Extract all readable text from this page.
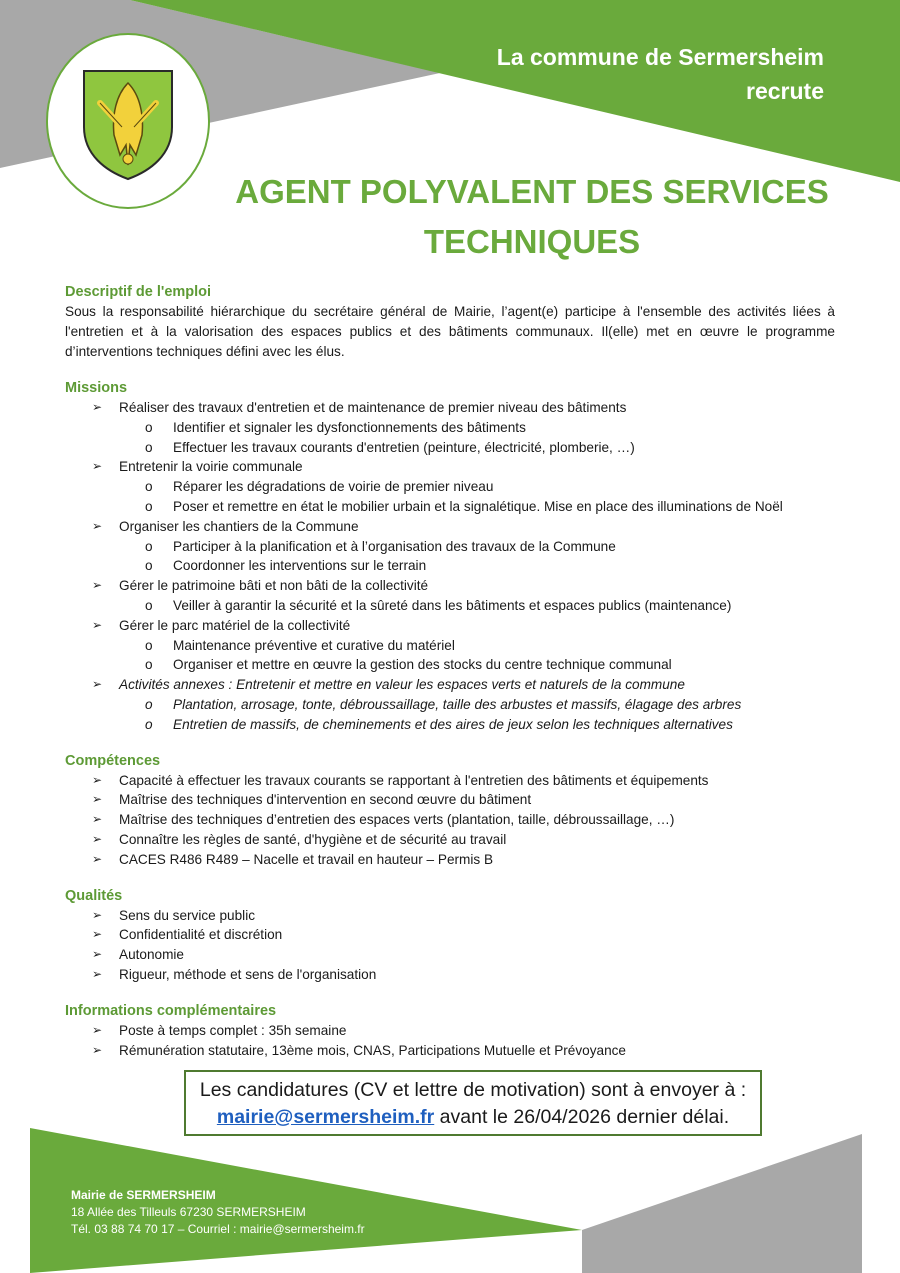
La commune de Sermersheim
recrute
AGENT POLYVALENT DES SERVICES TECHNIQUES

Descriptif de l'emploi

Sous la responsabilité hiérarchique du secrétaire général de Mairie, l’agent(e) participe à l'ensemble des activités liées à l'entretien et à la valorisation des espaces publics et des bâtiments communaux. Il(elle) met en œuvre le programme d’interventions techniques défini avec les élus.

Missions

➢ Réaliser des travaux d'entretien et de maintenance de premier niveau des bâtiments
o Identifier et signaler les dysfonctionnements des bâtiments
o Effectuer les travaux courants d'entretien (peinture, électricité, plomberie, …)
➢ Entretenir la voirie communale
o Réparer les dégradations de voirie de premier niveau
o Poser et remettre en état le mobilier urbain et la signalétique. Mise en place des illuminations de Noël
➢ Organiser les chantiers de la Commune
o Participer à la planification et à l’organisation des travaux de la Commune
o Coordonner les interventions sur le terrain
➢ Gérer le patrimoine bâti et non bâti de la collectivité
o Veiller à garantir la sécurité et la sûreté dans les bâtiments et espaces publics (maintenance)
➢ Gérer le parc matériel de la collectivité
o Maintenance préventive et curative du matériel
o Organiser et mettre en œuvre la gestion des stocks du centre technique communal
➢ Activités annexes : Entretenir et mettre en valeur les espaces verts et naturels de la commune
o Plantation, arrosage, tonte, débroussaillage, taille des arbustes et massifs, élagage des arbres
o Entretien de massifs, de cheminements et des aires de jeux selon les techniques alternatives

Compétences

➢ Capacité à effectuer les travaux courants se rapportant à l'entretien des bâtiments et équipements
➢ Maîtrise des techniques d'intervention en second œuvre du bâtiment
➢ Maîtrise des techniques d’entretien des espaces verts (plantation, taille, débroussaillage, …)
➢ Connaître les règles de santé, d'hygiène et de sécurité au travail
➢ CACES R486 R489 – Nacelle et travail en hauteur – Permis B

Qualités

➢ Sens du service public
➢ Confidentialité et discrétion
➢ Autonomie
➢ Rigueur, méthode et sens de l'organisation

Informations complémentaires

➢ Poste à temps complet : 35h semaine
➢ Rémunération statutaire, 13ème mois, CNAS, Participations Mutuelle et Prévoyance
Les candidatures (CV et lettre de motivation) sont à envoyer à :
mairie@sermersheim.fr avant le 26/04/2026 dernier délai.
Mairie de SERMERSHEIM
18 Allée des Tilleuls 67230 SERMERSHEIM
Tél. 03 88 74 70 17 – Courriel : mairie@sermersheim.fr
